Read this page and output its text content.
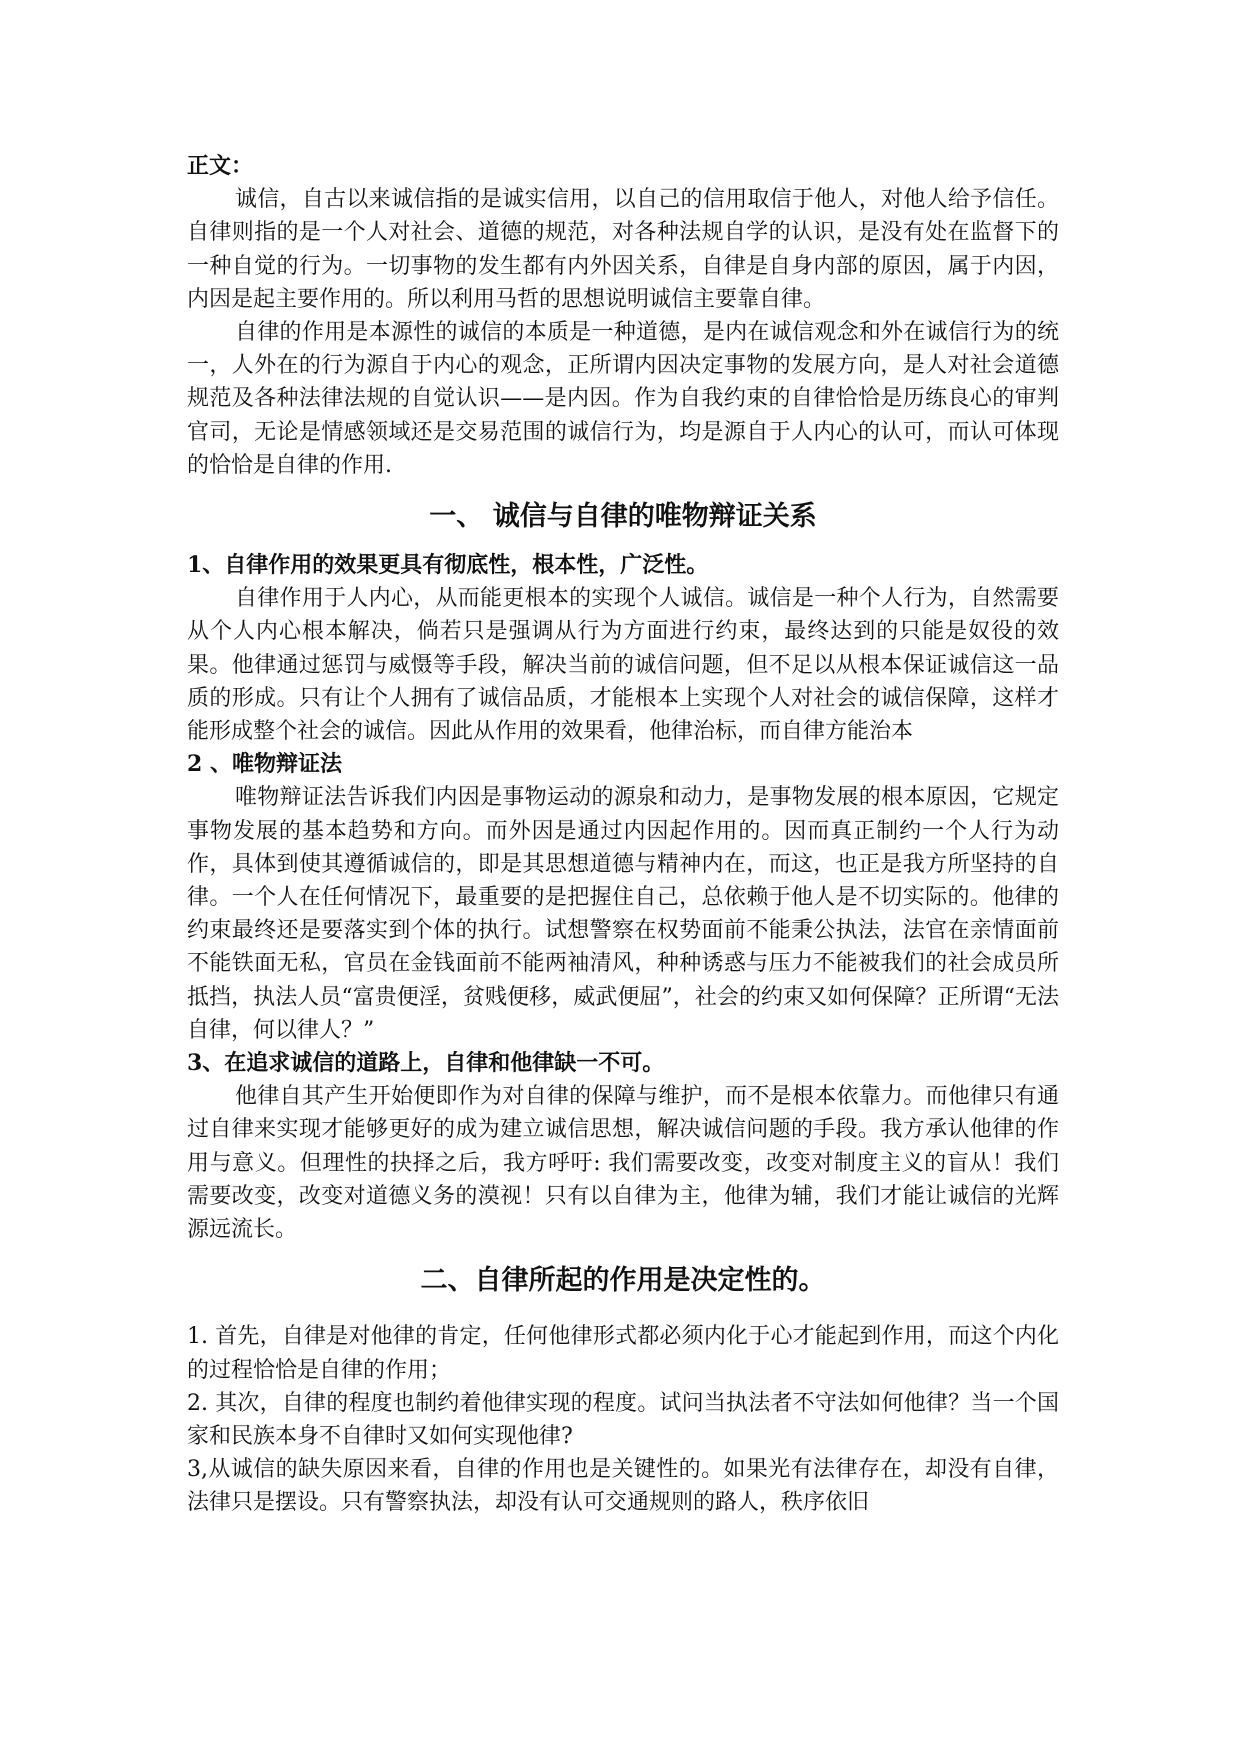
正文：

诚信，自古以来诚信指的是诚实信用，以自己的信用取信于他人，对他人给予信任。自律则指的是一个人对社会、道德的规范，对各种法规自学的认识，是没有处在监督下的一种自觉的行为。一切事物的发生都有内外因关系，自律是自身内部的原因，属于内因，内因是起主要作用的。所以利用马哲的思想说明诚信主要靠自律。

自律的作用是本源性的诚信的本质是一种道德，是内在诚信观念和外在诚信行为的统一，人外在的行为源自于内心的观念，正所谓内因决定事物的发展方向，是人对社会道德规范及各种法律法规的自觉认识——是内因。作为自我约束的自律恰恰是历练良心的审判官司，无论是情感领域还是交易范围的诚信行为，均是源自于人内心的认可，而认可体现的恰恰是自律的作用.

一、 诚信与自律的唯物辩证关系

1、自律作用的效果更具有彻底性，根本性，广泛性。

自律作用于人内心，从而能更根本的实现个人诚信。诚信是一种个人行为，自然需要从个人内心根本解决，倘若只是强调从行为方面进行约束，最终达到的只能是奴役的效果。他律通过惩罚与威慑等手段，解决当前的诚信问题，但不足以从根本保证诚信这一品质的形成。只有让个人拥有了诚信品质，才能根本上实现个人对社会的诚信保障，这样才能形成整个社会的诚信。因此从作用的效果看，他律治标，而自律方能治本

2 、唯物辩证法

唯物辩证法告诉我们内因是事物运动的源泉和动力，是事物发展的根本原因，它规定事物发展的基本趋势和方向。而外因是通过内因起作用的。因而真正制约一个人行为动作，具体到使其遵循诚信的，即是其思想道德与精神内在，而这，也正是我方所坚持的自律。一个人在任何情况下，最重要的是把握住自己，总依赖于他人是不切实际的。他律的约束最终还是要落实到个体的执行。试想警察在权势面前不能秉公执法，法官在亲情面前不能铁面无私，官员在金钱面前不能两袖清风，种种诱惑与压力不能被我们的社会成员所抵挡，执法人员“富贵便淫，贫贱便移，威武便屈”，社会的约束又如何保障？正所谓“无法自律，何以律人？”

3、在追求诚信的道路上，自律和他律缺一不可。

他律自其产生开始便即作为对自律的保障与维护，而不是根本依靠力。而他律只有通过自律来实现才能够更好的成为建立诚信思想，解决诚信问题的手段。我方承认他律的作用与意义。但理性的抉择之后，我方呼吁: 我们需要改变，改变对制度主义的盲从！我们需要改变，改变对道德义务的漠视！只有以自律为主，他律为辅，我们才能让诚信的光辉源远流长。

二、自律所起的作用是决定性的。

1. 首先，自律是对他律的肯定，任何他律形式都必须内化于心才能起到作用，而这个内化的过程恰恰是自律的作用；

2. 其次，自律的程度也制约着他律实现的程度。试问当执法者不守法如何他律？当一个国家和民族本身不自律时又如何实现他律?

3,从诚信的缺失原因来看，自律的作用也是关键性的。如果光有法律存在，却没有自律，法律只是摆设。只有警察执法，却没有认可交通规则的路人，秩序依旧
